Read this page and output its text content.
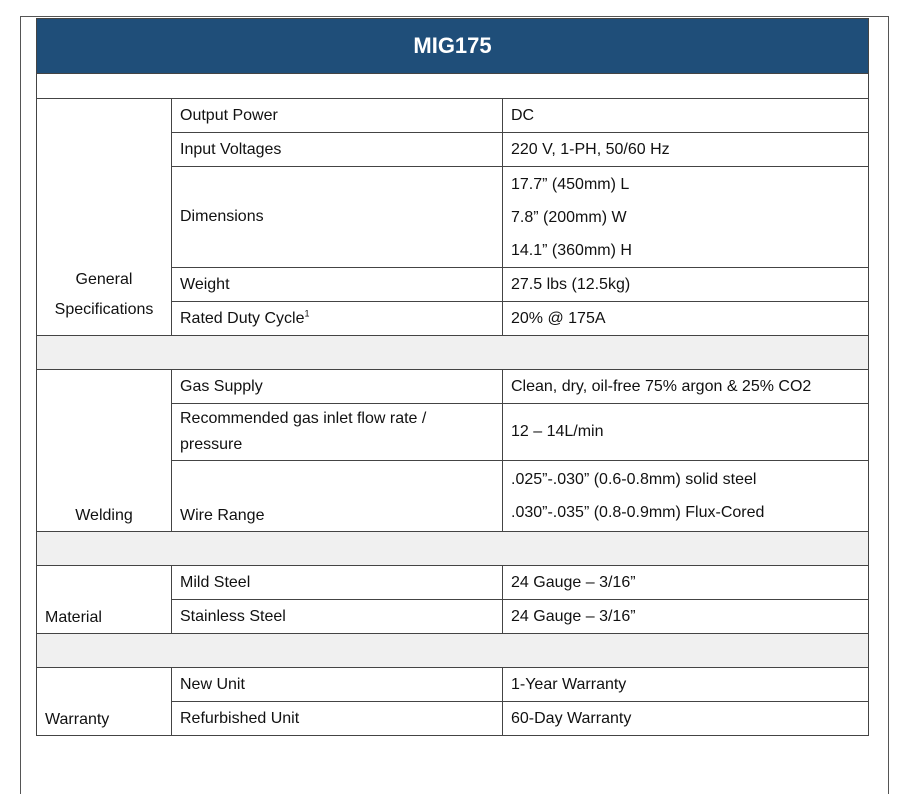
MIG175		

General
Specifications	Output Power	DC
	Input Voltages	220 V, 1-PH, 50/60 Hz
	Dimensions	17.7” (450mm) L
7.8” (200mm) W
14.1” (360mm) H

	Weight	27.5 lbs (12.5kg)
	Rated Duty Cycle$^1$	20% @ 175A

Welding	Gas Supply	Clean, dry, oil-free 75% argon & 25% CO2

	Recommended gas inlet flow rate /
pressure	12 – 14L/min
	Wire Range	.025”-.030” (0.6-0.8mm) solid steel
.030”-.035” (0.8-0.9mm) Flux-Cored

Material	Mild Steel	24 Gauge – 3/16”
	Stainless Steel	24 Gauge – 3/16”

Warranty	New Unit	1-Year Warranty
	Refurbished Unit	60-Day Warranty
